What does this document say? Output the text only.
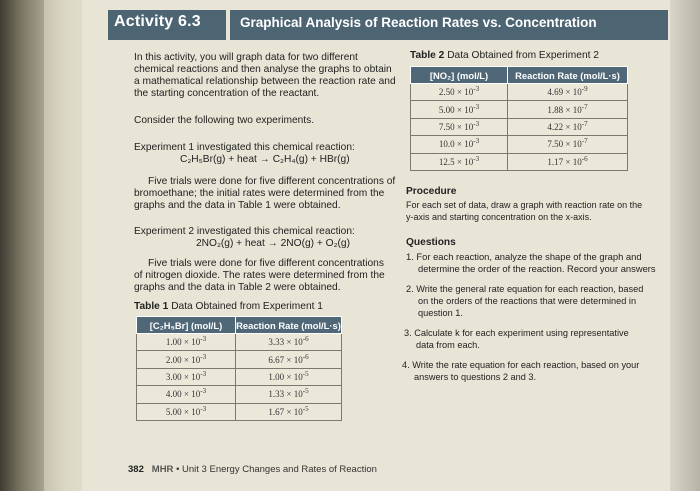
Activity 6.3	Graphical Analysis of Reaction Rates vs. Concentration
In this activity, you will graph data for two different
chemical reactions and then analyse the graphs to obtain
a mathematical relationship between the reaction rate and
the starting concentration of the reactant.
Consider the following two experiments.
Experiment 1 investigated this chemical reaction:
C₂H₅Br(g) + heat → C₂H₄(g) + HBr(g)
Five trials were done for five different concentrations of
bromoethane; the initial rates were determined from the
graphs and the data in Table 1 were obtained.
Experiment 2 investigated this chemical reaction:
2NO₂(g) + heat → 2NO(g) + O₂(g)
Five trials were done for five different concentrations
of nitrogen dioxide. The rates were determined from the
graphs and the data in Table 2 were obtained.
Table 1 Data Obtained from Experiment 1
[C₂H₅Br] (mol/L)	Reaction Rate (mol/L·s)
$1.00 \times 10^{-3}$	$3.33 \times 10^{-6}$
$2.00 \times 10^{-3}$	$6.67 \times 10^{-6}$
$3.00 \times 10^{-3}$	$1.00 \times 10^{-5}$
$4.00 \times 10^{-3}$	$1.33 \times 10^{-5}$
$5.00 \times 10^{-3}$	$1.67 \times 10^{-5}$
Table 2 Data Obtained from Experiment 2
[NO₂] (mol/L)	Reaction Rate (mol/L·s)
$2.50 \times 10^{-3}$	$4.69 \times 10^{-9}$
$5.00 \times 10^{-3}$	$1.88 \times 10^{-7}$
$7.50 \times 10^{-3}$	$4.22 \times 10^{-7}$
$10.0 \times 10^{-3}$	$7.50 \times 10^{-7}$
$12.5 \times 10^{-3}$	$1.17 \times 10^{-6}$
Procedure
For each set of data, draw a graph with reaction rate on the
y-axis and starting concentration on the x-axis.
Questions
1. For each reaction, analyze the shape of the graph and
determine the order of the reaction. Record your answers
2. Write the general rate equation for each reaction, based
on the orders of the reactions that were determined in
question 1.
3. Calculate k for each experiment using representative
data from each.
4. Write the rate equation for each reaction, based on your
answers to questions 2 and 3.
382 MHR • Unit 3 Energy Changes and Rates of Reaction
